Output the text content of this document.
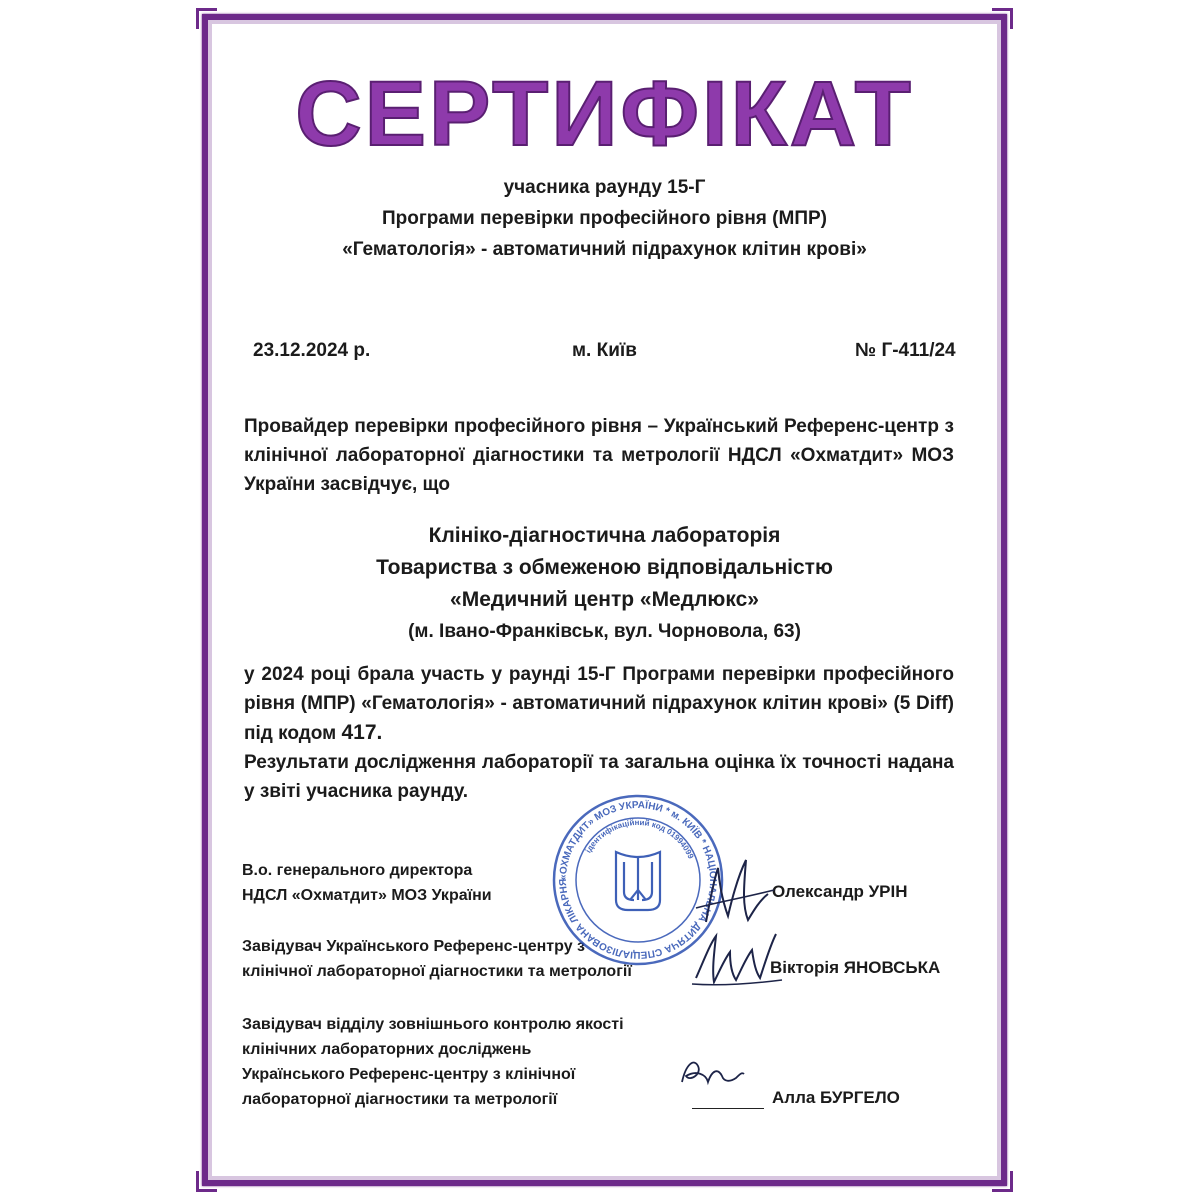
СЕРТИФІКАТ
учасника раунду 15-Г
Програми перевірки професійного рівня (МПР)
«Гематологія» - автоматичний підрахунок клітин крові»
23.12.2024 р.	м. Київ	№ Г-411/24
Провайдер перевірки професійного рівня – Український Референс-центр з клінічної лабораторної діагностики та метрології НДСЛ «Охматдит» МОЗ України засвідчує, що
Клініко-діагностична лабораторія
Товариства з обмеженою відповідальністю
«Медичний центр «Медлюкс»
(м. Івано-Франківськ, вул. Чорновола, 63)
у 2024 році брала участь у раунді 15-Г Програми перевірки професійного рівня (МПР) «Гематологія» - автоматичний підрахунок клітин крові» (5 Diff) під кодом 417.
Результати дослідження лабораторії та загальна оцінка їх точності надана у звіті учасника раунду.
В.о. генерального директора
НДСЛ «Охматдит» МОЗ України	Олександр УРІН
Завідувач Українського Референс-центру з
клінічної лабораторної діагностики та метрології	Вікторія ЯНОВСЬКА
Завідувач відділу зовнішнього контролю якості
клінічних лабораторних досліджень
Українського Референс-центру з клінічної
лабораторної діагностики та метрології	Алла БУРГЕЛО
«ОХМАТДИТ» МОЗ УКРАЇНИ * м. КИЇВ * НАЦІОНАЛЬНА ДИТЯЧА СПЕЦІАЛІЗОВАНА ЛІКАРНЯ
ідентифікаційний код 01994099
